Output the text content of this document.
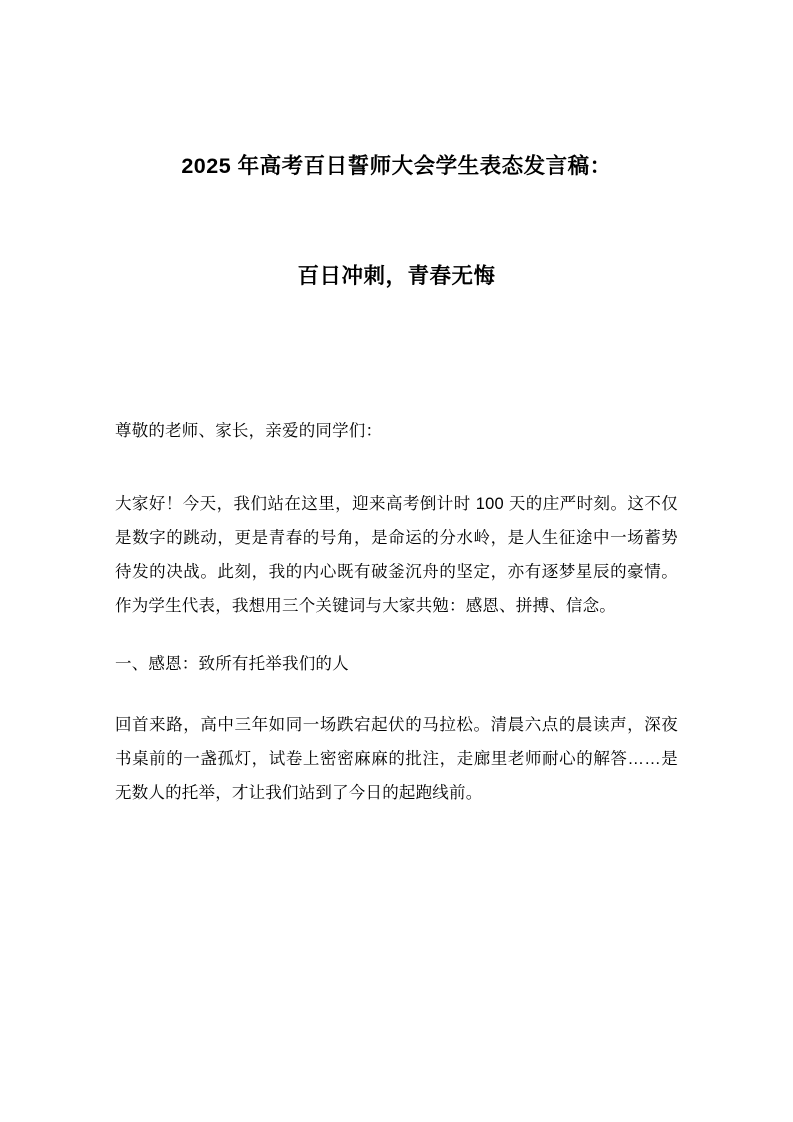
2025 年高考百日誓师大会学生表态发言稿：
百日冲刺，青春无悔

尊敬的老师、家长，亲爱的同学们：

大家好！今天，我们站在这里，迎来高考倒计时 100 天的庄严时刻。这不仅是数字的跳动，更是青春的号角，是命运的分水岭，是人生征途中一场蓄势待发的决战。此刻，我的内心既有破釜沉舟的坚定，亦有逐梦星辰的豪情。作为学生代表，我想用三个关键词与大家共勉：感恩、拼搏、信念。

一、感恩：致所有托举我们的人

回首来路，高中三年如同一场跌宕起伏的马拉松。清晨六点的晨读声，深夜书桌前的一盏孤灯，试卷上密密麻麻的批注，走廊里老师耐心的解答……是无数人的托举，才让我们站到了今日的起跑线前。
